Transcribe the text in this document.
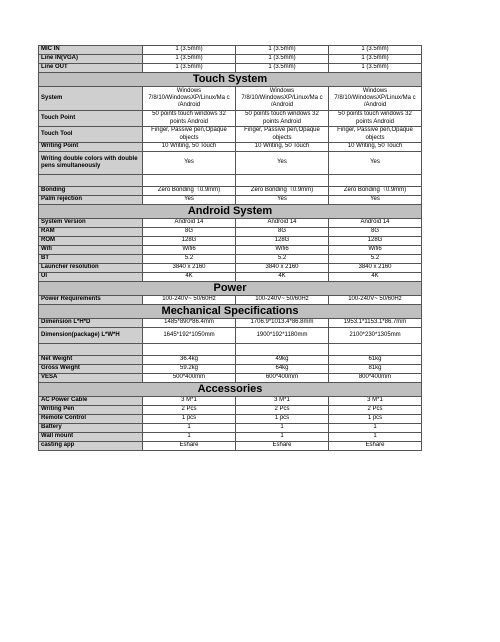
MIC IN	1 (3.5mm)	1 (3.5mm)	1 (3.5mm)
Line IN(VGA)	1 (3.5mm)	1 (3.5mm)	1 (3.5mm)
Line OUT	1 (3.5mm)	1 (3.5mm)	1 (3.5mm)
Touch System			
System	Windows 7/8/10/WindowsXP/Linux/Ma c /Android	Windows 7/8/10/WindowsXP/Linux/Ma c /Android	Windows 7/8/10/WindowsXP/Linux/Ma c /Android
Touch Point	50 points touch windows 32 points Android	50 points touch windows 32 points Android	50 points touch windows 32 points Android
Touch Tool	Finger, Passive pen,Opaque objects	Finger, Passive pen,Opaque objects	Finger, Passive pen,Opaque objects
Writing Point	10 Writing, 50 Touch	10 Writing, 50 Touch	10 Writing, 50 Touch
Writing double colors with double pens simultaneously	Yes	Yes	Yes

Bonding	Zero Bonding（0.9mm)	Zero Bonding（0.9mm)	Zero Bonding（0.9mm)
Palm rejection	Yes	Yes	Yes
Android System			
System Version	Android 14	Android 14	Android 14
RAM	8G	8G	8G
ROM	128G	128G	128G
Wifi	Wifi6	Wifi6	Wifi6
BT	5.2	5.2	5.2
Launcher resolution	3840 x 2160	3840 x 2160	3840 x 2160
UI	4K	4K	4K
Power			
Power Requirements	100-240V~ 50/60Hz	100-240V~ 50/60Hz	100-240V~ 50/60Hz
Mechanical Specifications			
Dimension L*H*D	1485*890*86.4mm	1706.9*1013.4*86.8mm	1953.1*1153.1*86.7mm
Dimension(package) L*W*H	1645*192*1050mm	1900*192*1180mm	2100*230*1305mm

Net Weight	36.4kg	49kg	61kg
Gross Weight	59.2kg	64kg	81kg
VESA	500*400mm	600*400mm	800*400mm
Accessories			
AC Power Cable	3 M*1	3 M*1	3 M*1
Writing Pen	2 Pcs	2 Pcs	2 Pcs
Remote Control	1 pcs	1 pcs	1 pcs
Battery	1	1	1
Wall mount	1	1	1
casting app	Eshare	Eshare	Eshare
